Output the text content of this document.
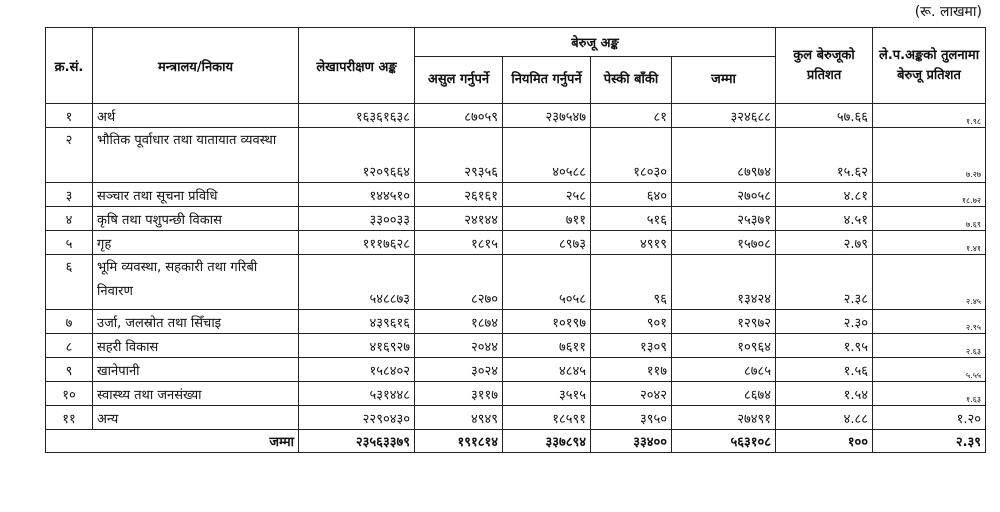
(रू. लाखमा)
क्र.सं.	मन्त्रालय/निकाय	लेखापरीक्षण अङ्क	बेरुजू अङ्क				कुल बेरुजूको प्रतिशत	ले.प.अङ्कको तुलनामा बेरुजू प्रतिशत
			असुल गर्नुपर्ने	नियमित गर्नुपर्ने	पेस्की बाँकी	जम्मा		
१	अर्थ	१६३६१६३८	८७०५९	२३७५४७	८१	३२४६८८	५७.६६	१.९८
२	भौतिक पूर्वाधार तथा यातायात व्यवस्था	१२०९६६४	२९३५६	४०५८८	१८०३०	८७९७४	१५.६२	७.२७
३	सञ्चार तथा सूचना प्रविधि	१४४५१०	२६१६१	२५८	६४०	२७०५८	४.८१	१८.७२
४	कृषि तथा पशुपन्छी विकास	३३००३३	२४१४४	७११	५१६	२५३७१	४.५१	७.६९
५	गृह	१११७६२८	१८१५	८९७३	४९१९	१५७०८	२.७९	१.४१
६	भूमि व्यवस्था, सहकारी तथा गरिबी निवारण	५४८८७३	८२७०	५०५८	९६	१३४२४	२.३८	२.४५
७	उर्जा, जलस्रोत तथा सिँचाइ	४३९६१६	१८७४	१०१९७	९०१	१२९७२	२.३०	२.९५
८	सहरी विकास	४१६९२७	२०४४	७६११	१३०९	१०९६४	१.९५	२.६३
९	खानेपानी	१५८४०२	३०२४	४८४५	११७	८७८५	१.५६	५.५५
१०	स्वास्थ्य तथा जनसंख्या	५३१४४८	३११७	३५१५	२०४२	८६७४	१.५४	१.६३
११	अन्य	२२९०४३०	४९४९	१८५९१	३९५०	२७४९१	४.८८	१.२०
जम्मा		२३५६३३७९	१९१८१४	३३७८९४	३३४००	५६३१०८	१००	२.३९
